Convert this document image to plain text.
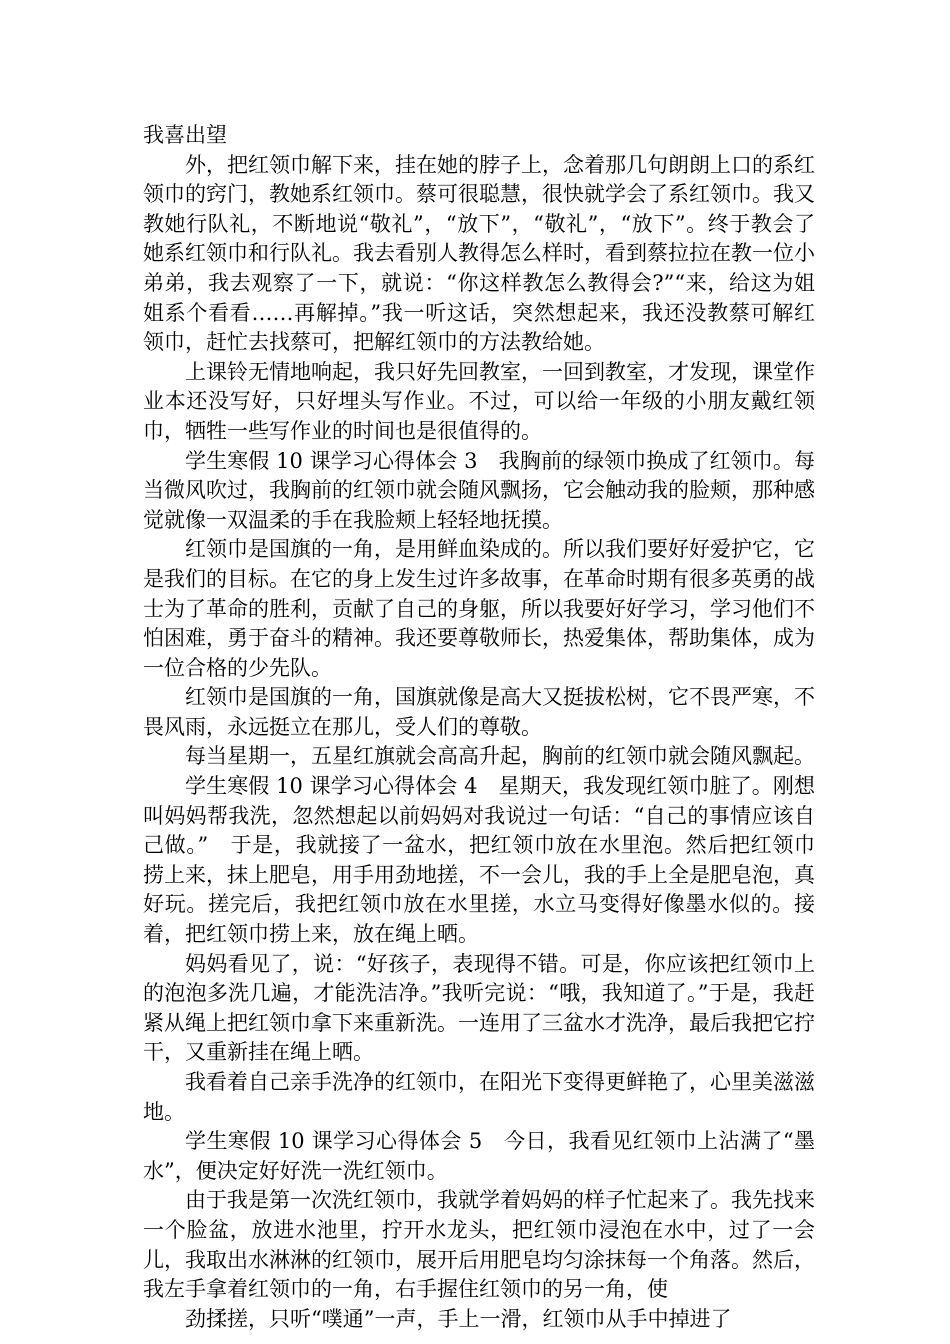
我喜出望

外，把红领巾解下来，挂在她的脖子上，念着那几句朗朗上口的系红领巾的窍门，教她系红领巾。蔡可很聪慧，很快就学会了系红领巾。我又教她行队礼，不断地说“敬礼”，“放下”，“敬礼”，“放下”。终于教会了她系红领巾和行队礼。我去看别人教得怎么样时，看到蔡拉拉在教一位小弟弟，我去观察了一下，就说：“你这样教怎么教得会?”“来，给这为姐姐系个看看……再解掉。”我一听这话，突然想起来，我还没教蔡可解红领巾，赶忙去找蔡可，把解红领巾的方法教给她。

上课铃无情地响起，我只好先回教室，一回到教室，才发现，课堂作业本还没写好，只好埋头写作业。不过，可以给一年级的小朋友戴红领巾，牺牲一些写作业的时间也是很值得的。

学生寒假 10 课学习心得体会 3　我胸前的绿领巾换成了红领巾。每当微风吹过，我胸前的红领巾就会随风飘扬，它会触动我的脸颊，那种感觉就像一双温柔的手在我脸颊上轻轻地抚摸。

红领巾是国旗的一角，是用鲜血染成的。所以我们要好好爱护它，它是我们的目标。在它的身上发生过许多故事，在革命时期有很多英勇的战士为了革命的胜利，贡献了自己的身躯，所以我要好好学习，学习他们不怕困难，勇于奋斗的精神。我还要尊敬师长，热爱集体，帮助集体，成为一位合格的少先队。

红领巾是国旗的一角，国旗就像是高大又挺拔松树，它不畏严寒，不畏风雨，永远挺立在那儿，受人们的尊敬。

每当星期一，五星红旗就会高高升起，胸前的红领巾就会随风飘起。

学生寒假 10 课学习心得体会 4　星期天，我发现红领巾脏了。刚想叫妈妈帮我洗，忽然想起以前妈妈对我说过一句话：“自己的事情应该自己做。”　于是，我就接了一盆水，把红领巾放在水里泡。然后把红领巾捞上来，抹上肥皂，用手用劲地搓，不一会儿，我的手上全是肥皂泡，真好玩。搓完后，我把红领巾放在水里搓，水立马变得好像墨水似的。接着，把红领巾捞上来，放在绳上晒。

妈妈看见了，说：“好孩子，表现得不错。可是，你应该把红领巾上的泡泡多洗几遍，才能洗洁净。”我听完说：“哦，我知道了。”于是，我赶紧从绳上把红领巾拿下来重新洗。一连用了三盆水才洗净，最后我把它拧干，又重新挂在绳上晒。

我看着自己亲手洗净的红领巾，在阳光下变得更鲜艳了，心里美滋滋地。

学生寒假 10 课学习心得体会 5　今日，我看见红领巾上沾满了“墨水”，便决定好好洗一洗红领巾。

由于我是第一次洗红领巾，我就学着妈妈的样子忙起来了。我先找来一个脸盆，放进水池里，拧开水龙头，把红领巾浸泡在水中，过了一会儿，我取出水淋淋的红领巾，展开后用肥皂均匀涂抹每一个角落。然后，我左手拿着红领巾的一角，右手握住红领巾的另一角，使

劲揉搓，只听“噗通”一声，手上一滑，红领巾从手中掉进了
